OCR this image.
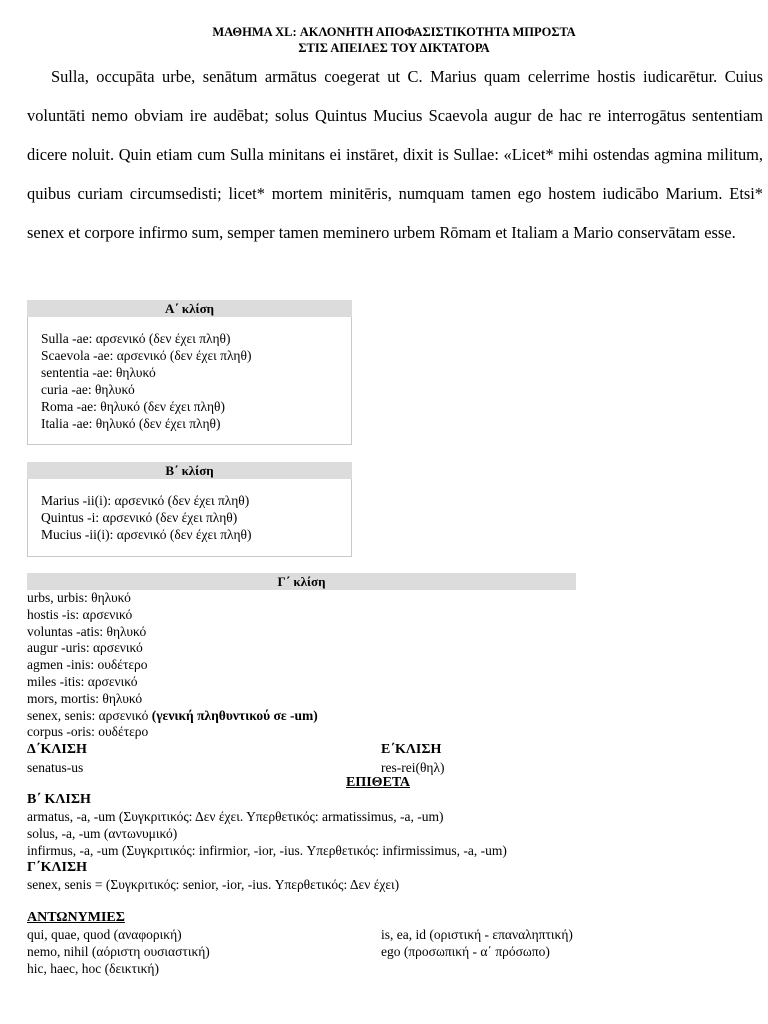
ΜΑΘΗΜΑ XL: ΑΚΛΟΝΗΤΗ ΑΠΟΦΑΣΙΣΤΙΚΟΤΗΤΑ ΜΠΡΟΣΤΑ
ΣΤΙΣ ΑΠΕΙΛΕΣ ΤΟΥ ΔΙΚΤΑΤΟΡΑ

Sulla, occupāta urbe, senātum armātus coegerat ut C. Marius quam celerrime hostis iudicarētur. Cuius voluntāti nemo obviam ire audēbat; solus Quintus Mucius Scaevola augur de hac re interrogātus sententiam dicere noluit. Quin etiam cum Sulla minitans ei instāret, dixit is Sullae: «Licet* mihi ostendas agmina militum, quibus curiam circumsedisti; licet* mortem minitēris, numquam tamen ego hostem iudicābo Marium. Etsi* senex et corpore infirmo sum, semper tamen meminero urbem Rōmam et Italiam a Mario conservātam esse.

Α΄ κλίση
Sulla -ae: αρσενικό (δεν έχει πληθ)
Scaevola -ae: αρσενικό (δεν έχει πληθ)
sententia -ae: θηλυκό
curia -ae: θηλυκό
Roma -ae: θηλυκό (δεν έχει πληθ)
Italia -ae: θηλυκό (δεν έχει πληθ)
Β΄ κλίση
Marius -ii(i): αρσενικό (δεν έχει πληθ)
Quintus -i: αρσενικό (δεν έχει πληθ)
Mucius -ii(i): αρσενικό (δεν έχει πληθ)
Γ΄ κλίση
urbs, urbis: θηλυκό
hostis -is: αρσενικό
voluntas -atis: θηλυκό
augur -uris: αρσενικό
agmen -inis: ουδέτερο
miles -itis: αρσενικό
mors, mortis: θηλυκό
senex, senis: αρσενικό (γενική πληθυντικού σε -um)
corpus -oris: ουδέτερο
Δ΄ΚΛΙΣΗ
senatus-us
Ε΄ΚΛΙΣΗ
res-rei(θηλ)
ΕΠΙΘΕΤΑ
Β΄ ΚΛΙΣΗ
armatus, -a, -um (Συγκριτικός: Δεν έχει. Υπερθετικός: armatissimus, -a, -um)
solus, -a, -um (αντωνυμικό)
infirmus, -a, -um (Συγκριτικός: infirmior, -ior, -ius. Υπερθετικός: infirmissimus, -a, -um)
Γ΄ΚΛΙΣΗ
senex, senis = (Συγκριτικός: senior, -ior, -ius. Υπερθετικός: Δεν έχει)
ΑΝΤΩΝΥΜΙΕΣ
qui, quae, quod (αναφορική)
nemo, nihil (αόριστη ουσιαστική)
hic, haec, hoc (δεικτική)
is, ea, id (οριστική - επαναληπτική)
ego (προσωπική - α΄ πρόσωπο)
